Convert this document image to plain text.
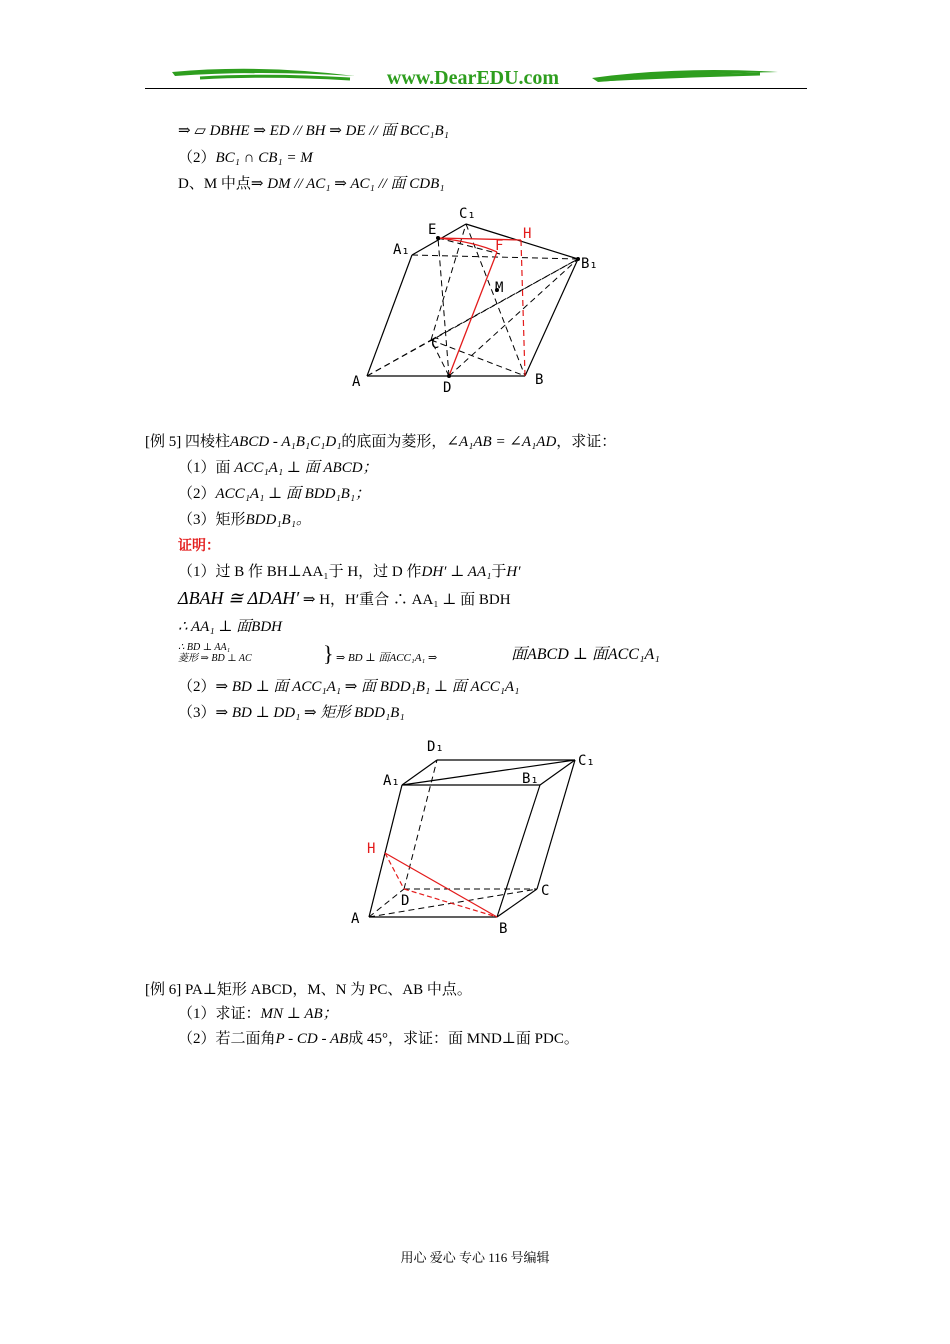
www.DearEDU.com
⇒ ▱ DBHE ⇒ ED // BH ⇒ DE // 面 BCC₁B₁
（2）BC₁ ∩ CB₁ = M
D、M 中点⇒ DM // AC₁ ⇒ AC₁ // 面 CDB₁
A
A₁
E
C₁
H
F
B₁
M
C
D	B
[例 5] 四棱柱ABCD - A₁B₁C₁D₁的底面为菱形，∠A₁AB = ∠A₁AD，求证：
（1）面 ACC₁A₁ ⊥ 面 ABCD；
（2）ACC₁A₁ ⊥ 面 BDD₁B₁；
（3）矩形BDD₁B₁。
证明：
（1）过 B 作 BH⊥AA₁于 H，过 D 作DH′ ⊥ AA₁于H′
ΔBAH ≅ ΔDAH′ ⇒ H，H′重合 ∴ AA₁ ⊥ 面 BDH
∴ AA₁ ⊥ 面BDH
∴ BD ⊥ AA₁
菱形 ⇒ BD ⊥ AC	} ⇒ BD ⊥ 面ACC₁A₁ ⇒	面ABCD ⊥ 面ACC₁A₁
（2）⇒ BD ⊥ 面 ACC₁A₁ ⇒ 面 BDD₁B₁ ⊥ 面 ACC₁A₁
（3）⇒ BD ⊥ DD₁ ⇒ 矩形 BDD₁B₁
D₁
C₁
A₁	B₁
H
D
C
A
B
[例 6] PA⊥矩形 ABCD，M、N 为 PC、AB 中点。
（1）求证：MN ⊥ AB；
（2）若二面角P - CD - AB成 45°，求证：面 MND⊥面 PDC。
用心 爱心 专心 116 号编辑
